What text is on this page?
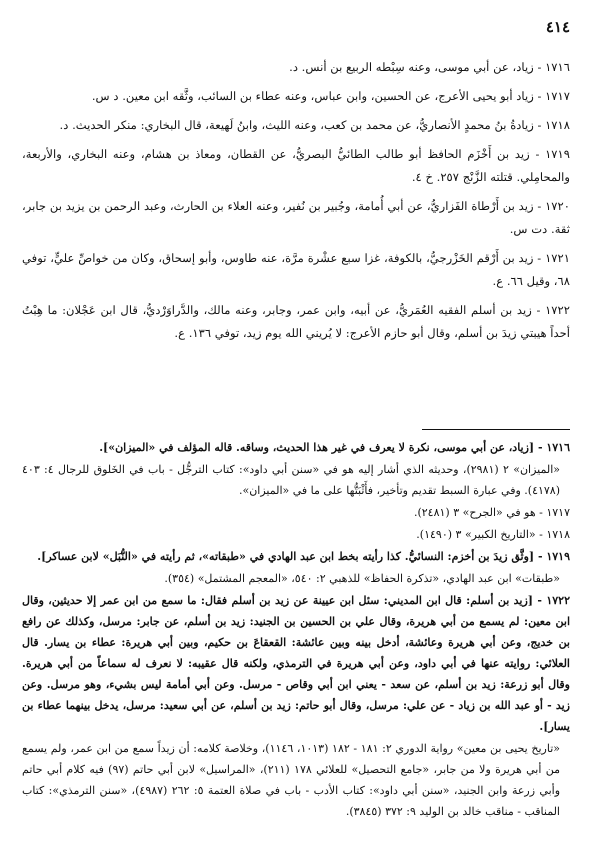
٤١٤

١٧١٦ - زياد، عن أبي موسى، وعنه سِبْطه الربيع بن أنس. د.

١٧١٧ - زياد أبو يحيى الأعرج، عن الحسين، وابن عباس، وعنه عطاء بن السائب، وثَّقه ابن معين. د س.

١٧١٨ - زيادةُ بنُ محمدٍ الأنصاريُّ، عن محمد بن كعب، وعنه الليث، وابنُ لَهيعة، قال البخاري: منكر الحديث. د.

١٧١٩ - زيد بن أَخْزَم الحافظ أبو طالب الطائيُّ البصريُّ، عن القطان، ومعاذ بن هشام، وعنه البخاري، والأربعة، والمحامِلي. قتلته الزَّنْج ٢٥٧. خ ٤.

١٧٢٠ - زيد بن أَرْطاة الفَزاريُّ، عن أبي أُمامة، وجُبير بن نُفير، وعنه العلاء بن الحارث، وعبد الرحمن بن يزيد بن جابر، ثقة. دت س.

١٧٢١ - زيد بن أَرْقم الخَزْرجيُّ، بالكوفة، غزا سبع عشْرة مرَّة، عنه طاوس، وأبو إسحاق، وكان من خواصِّ عليٍّ، توفي ٦٨، وقيل ٦٦. ع.

١٧٢٢ - زيد بن أسلم الفقيه العُمَريُّ، عن أبيه، وابن عمر، وجابر، وعنه مالك، والدَّراوَرْديُّ، قال ابن عَجْلان: ما هِبْتُ أحداً هيبتي زيدَ بن أسلم، وقال أبو حازم الأعرج: لا يُريني الله يوم زيد، توفي ١٣٦. ع.

١٧١٦ - [زياد، عن أبي موسى، نكرة لا يعرف في غير هذا الحديث، وساقه. قاله المؤلف في «الميزان»].

«الميزان» ٢ (٢٩٨١)، وحديثه الذي أشار إليه هو في «سنن أبي داود»: كتاب الترجُّل - باب في الخَلوق للرجال ٤: ٤٠٣ (٤١٧٨). وفي عبارة السبط تقديم وتأخير، فأَثْبَتُّها على ما في «الميزان».

١٧١٧ - هو في «الجرح» ٣ (٢٤٨١).

١٧١٨ - «التاريخ الكبير» ٣ (١٤٩٠).

١٧١٩ - [وثَّق زيدَ بن أخزم: النسائيُّ. كذا رأيته بخط ابن عبد الهادي في «طبقاته»، ثم رأيته في «النُّبَل» لابن عساكر].

«طبقات» ابن عبد الهادي، «تذكرة الحفاظ» للذهبي ٢: ٥٤٠، «المعجم المشتمل» (٣٥٤).

١٧٢٢ - [زيد بن أسلم: قال ابن المديني: سئل ابن عيينة عن زيد بن أسلم فقال: ما سمع من ابن عمر إلا حديثين، وقال ابن معين: لم يسمع من أبي هريرة، وقال علي بن الحسين بن الجنيد: زيد بن أسلم، عن جابر: مرسل، وكذلك عن رافع بن خديج، وعن أبي هريرة وعائشة، أدخل بينه وبين عائشة: القعقاعَ بن حكيم، وبين أبي هريرة: عطاء بن يسار. قال العلائي: روايته عنها في أبي داود، وعن أبي هريرة في الترمذي، ولكنه قال عقيبه: لا نعرف له سماعاً من أبي هريرة. وقال أبو زرعة: زيد بن أسلم، عن سعد - يعني ابن أبي وقاص - مرسل. وعن أبي أمامة ليس بشيء، وهو مرسل. وعن زيد - أو عبد الله بن زياد - عن علي: مرسل، وقال أبو حاتم: زيد بن أسلم، عن أبي سعيد: مرسل، يدخل بينهما عطاء بن يسار].

«تاريخ يحيى بن معين» رواية الدوري ٢: ١٨١ - ١٨٢ (١٠١٣، ١١٤٦)، وخلاصة كلامه: أن زيداً سمع من ابن عمر، ولم يسمع من أبي هريرة ولا من جابر، «جامع التحصيل» للعلائي ١٧٨ (٢١١)، «المراسيل» لابن أبي حاتم (٩٧) فيه كلام أبي حاتم وأبي زرعة وابن الجنيد، «سنن أبي داود»: كتاب الأدب - باب في صلاة العتمة ٥: ٢٦٢ (٤٩٨٧)، «سنن الترمذي»: كتاب المناقب - مناقب خالد بن الوليد ٩: ٣٧٢ (٣٨٤٥).
